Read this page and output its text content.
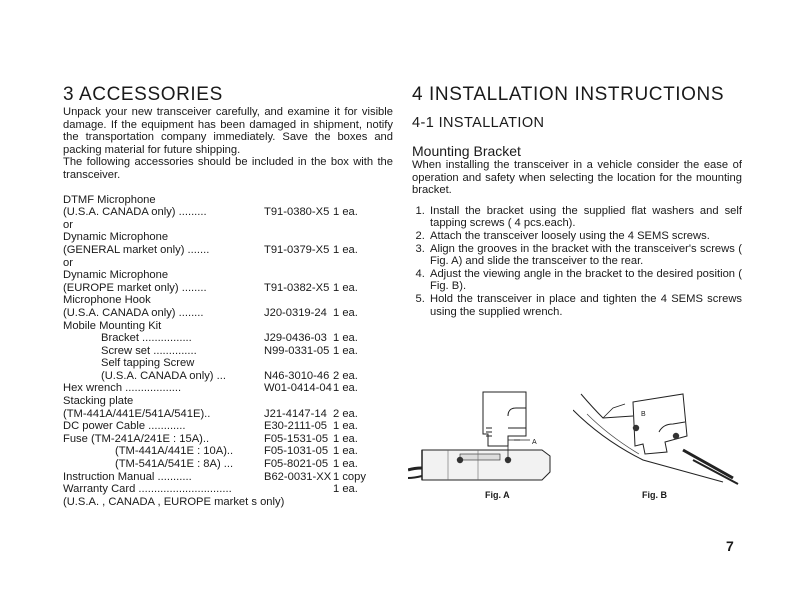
3 ACCESSORIES

Unpack your new transceiver carefully, and examine it for visible damage. If the equipment has been damaged in shipment, notify the transportation company immediately. Save the boxes and packing material for future shipping.

The following accessories should be included in the box with the transceiver.

DTMF Microphone
(U.S.A. CANADA only) .........	T91-0380-X5 1 ea.
or
Dynamic Microphone
(GENERAL market only) .......	T91-0379-X5 1 ea.
or
Dynamic Microphone
(EUROPE market only) ........	T91-0382-X5 1 ea.
Microphone Hook
(U.S.A. CANADA only) ........	J20-0319-24 1 ea.
Mobile Mounting Kit
Bracket ................	J29-0436-03 1 ea.
Screw set ..............	N99-0331-05 1 ea.
Self tapping Screw
(U.S.A. CANADA only) ...	N46-3010-46 2 ea.
Hex wrench ..................	W01-0414-04 1 ea.
Stacking plate
(TM-441A/441E/541A/541E)..	J21-4147-14 2 ea.
DC power Cable ............	E30-2111-05 1 ea.
Fuse (TM-241A/241E : 15A)..	F05-1531-05 1 ea.
(TM-441A/441E : 10A)..	F05-1031-05 1 ea.
(TM-541A/541E : 8A) ...	F05-8021-05 1 ea.
Instruction Manual ...........	B62-0031-XX 1 copy
Warranty Card ..............................	1 ea.
(U.S.A. , CANADA , EUROPE market s only)
4 INSTALLATION INSTRUCTIONS
4-1 INSTALLATION
Mounting Bracket

When installing the transceiver in a vehicle consider the ease of operation and safety when selecting the location for the mounting bracket.

1. Install the bracket using the supplied flat washers and self tapping screws ( 4 pcs.each).
2. Attach the transceiver loosely using the 4 SEMS screws.
3. Align the grooves in the bracket with the transceiver's screws ( Fig. A) and slide the transceiver to the rear.
4. Adjust the viewing angle in the bracket to the desired position ( Fig. B).
5. Hold the transceiver in place and tighten the 4 SEMS screws using the supplied wrench.
A
Fig. A
B
Fig. B
7
